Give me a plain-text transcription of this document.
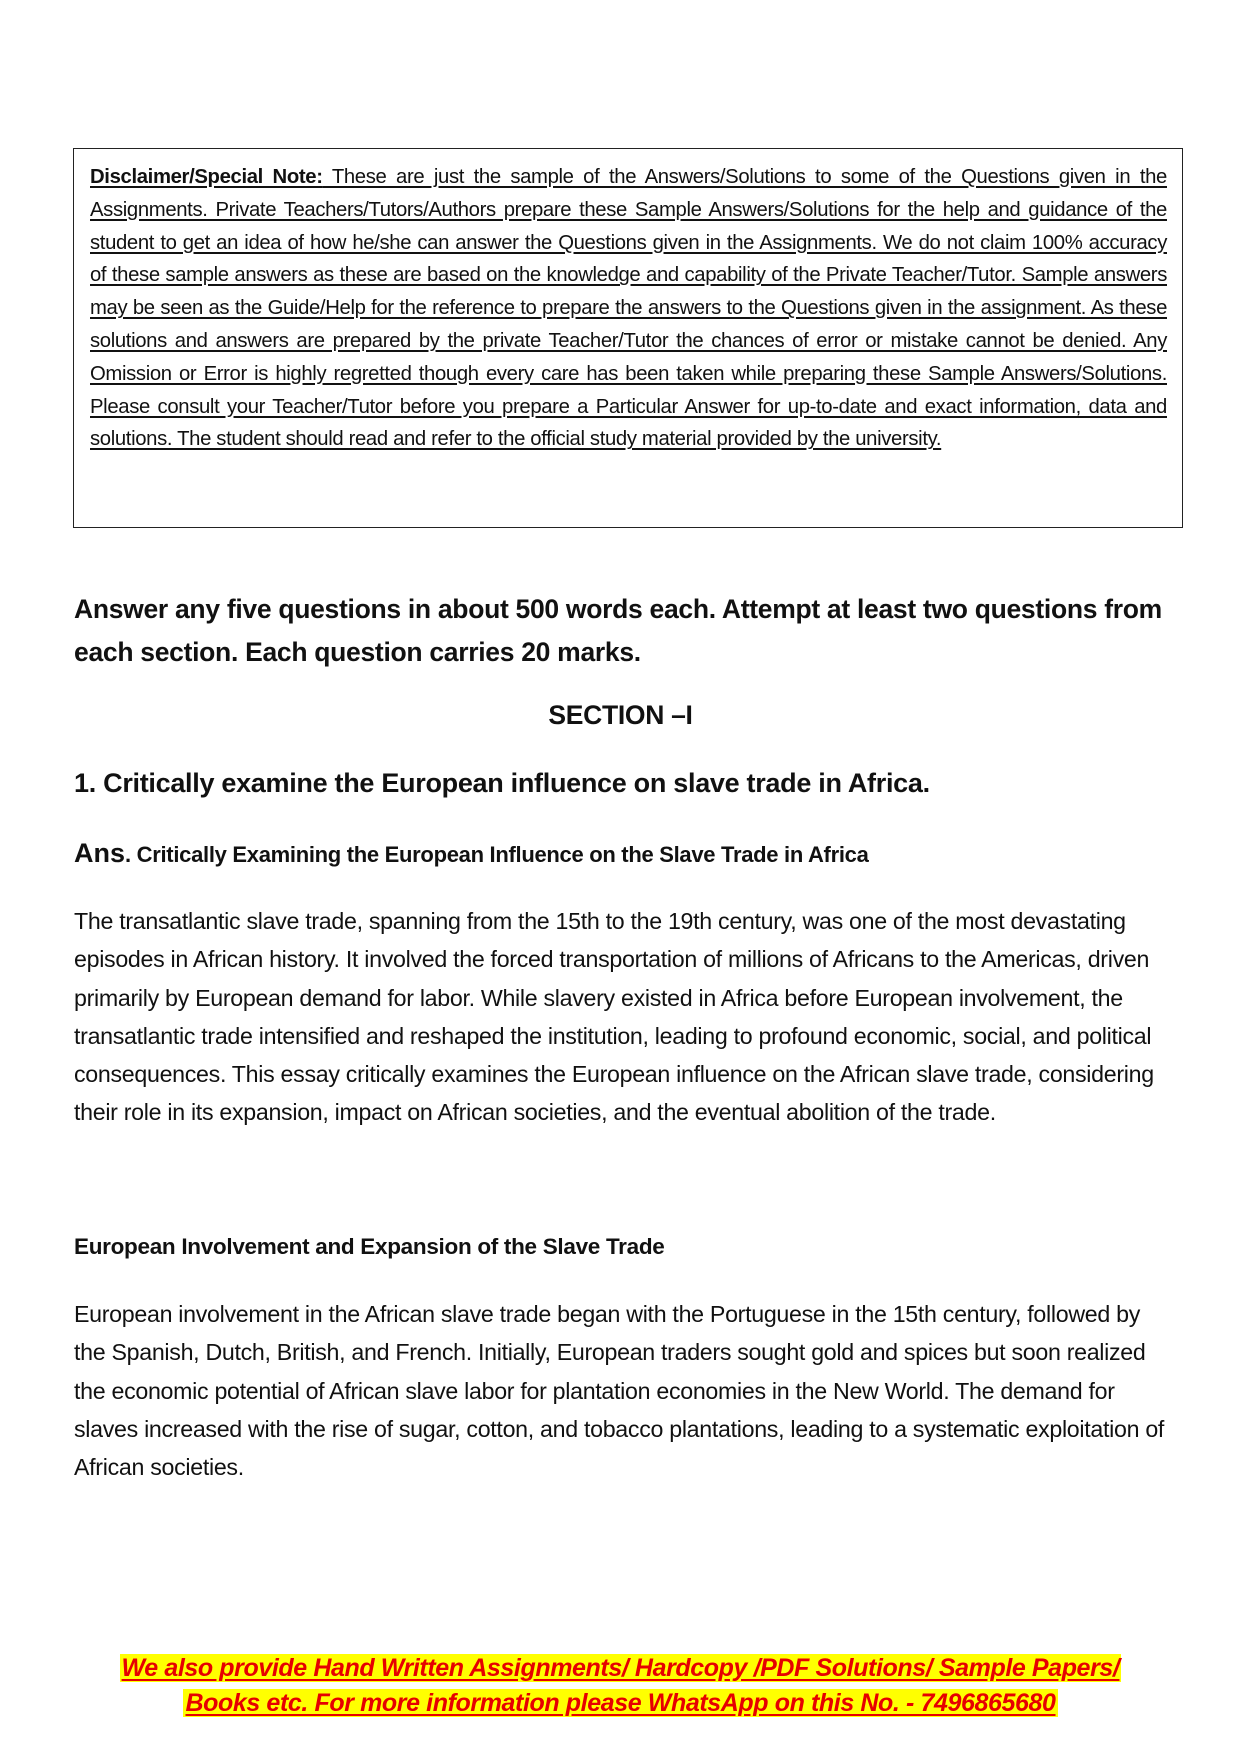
Disclaimer/Special Note: These are just the sample of the Answers/Solutions to some of the Questions given in the Assignments. Private Teachers/Tutors/Authors prepare these Sample Answers/Solutions for the help and guidance of the student to get an idea of how he/she can answer the Questions given in the Assignments. We do not claim 100% accuracy of these sample answers as these are based on the knowledge and capability of the Private Teacher/Tutor. Sample answers may be seen as the Guide/Help for the reference to prepare the answers to the Questions given in the assignment. As these solutions and answers are prepared by the private Teacher/Tutor the chances of error or mistake cannot be denied. Any Omission or Error is highly regretted though every care has been taken while preparing these Sample Answers/Solutions. Please consult your Teacher/Tutor before you prepare a Particular Answer for up-to-date and exact information, data and solutions. The student should read and refer to the official study material provided by the university.
Answer any five questions in about 500 words each. Attempt at least two questions from each section. Each question carries 20 marks.
SECTION –I
1. Critically examine the European influence on slave trade in Africa.
Ans. Critically Examining the European Influence on the Slave Trade in Africa
The transatlantic slave trade, spanning from the 15th to the 19th century, was one of the most devastating episodes in African history. It involved the forced transportation of millions of Africans to the Americas, driven primarily by European demand for labor. While slavery existed in Africa before European involvement, the transatlantic trade intensified and reshaped the institution, leading to profound economic, social, and political consequences. This essay critically examines the European influence on the African slave trade, considering their role in its expansion, impact on African societies, and the eventual abolition of the trade.
European Involvement and Expansion of the Slave Trade
European involvement in the African slave trade began with the Portuguese in the 15th century, followed by the Spanish, Dutch, British, and French. Initially, European traders sought gold and spices but soon realized the economic potential of African slave labor for plantation economies in the New World. The demand for slaves increased with the rise of sugar, cotton, and tobacco plantations, leading to a systematic exploitation of African societies.
We also provide Hand Written Assignments/ Hardcopy /PDF Solutions/ Sample Papers/
Books etc. For more information please WhatsApp on this No. - 7496865680
